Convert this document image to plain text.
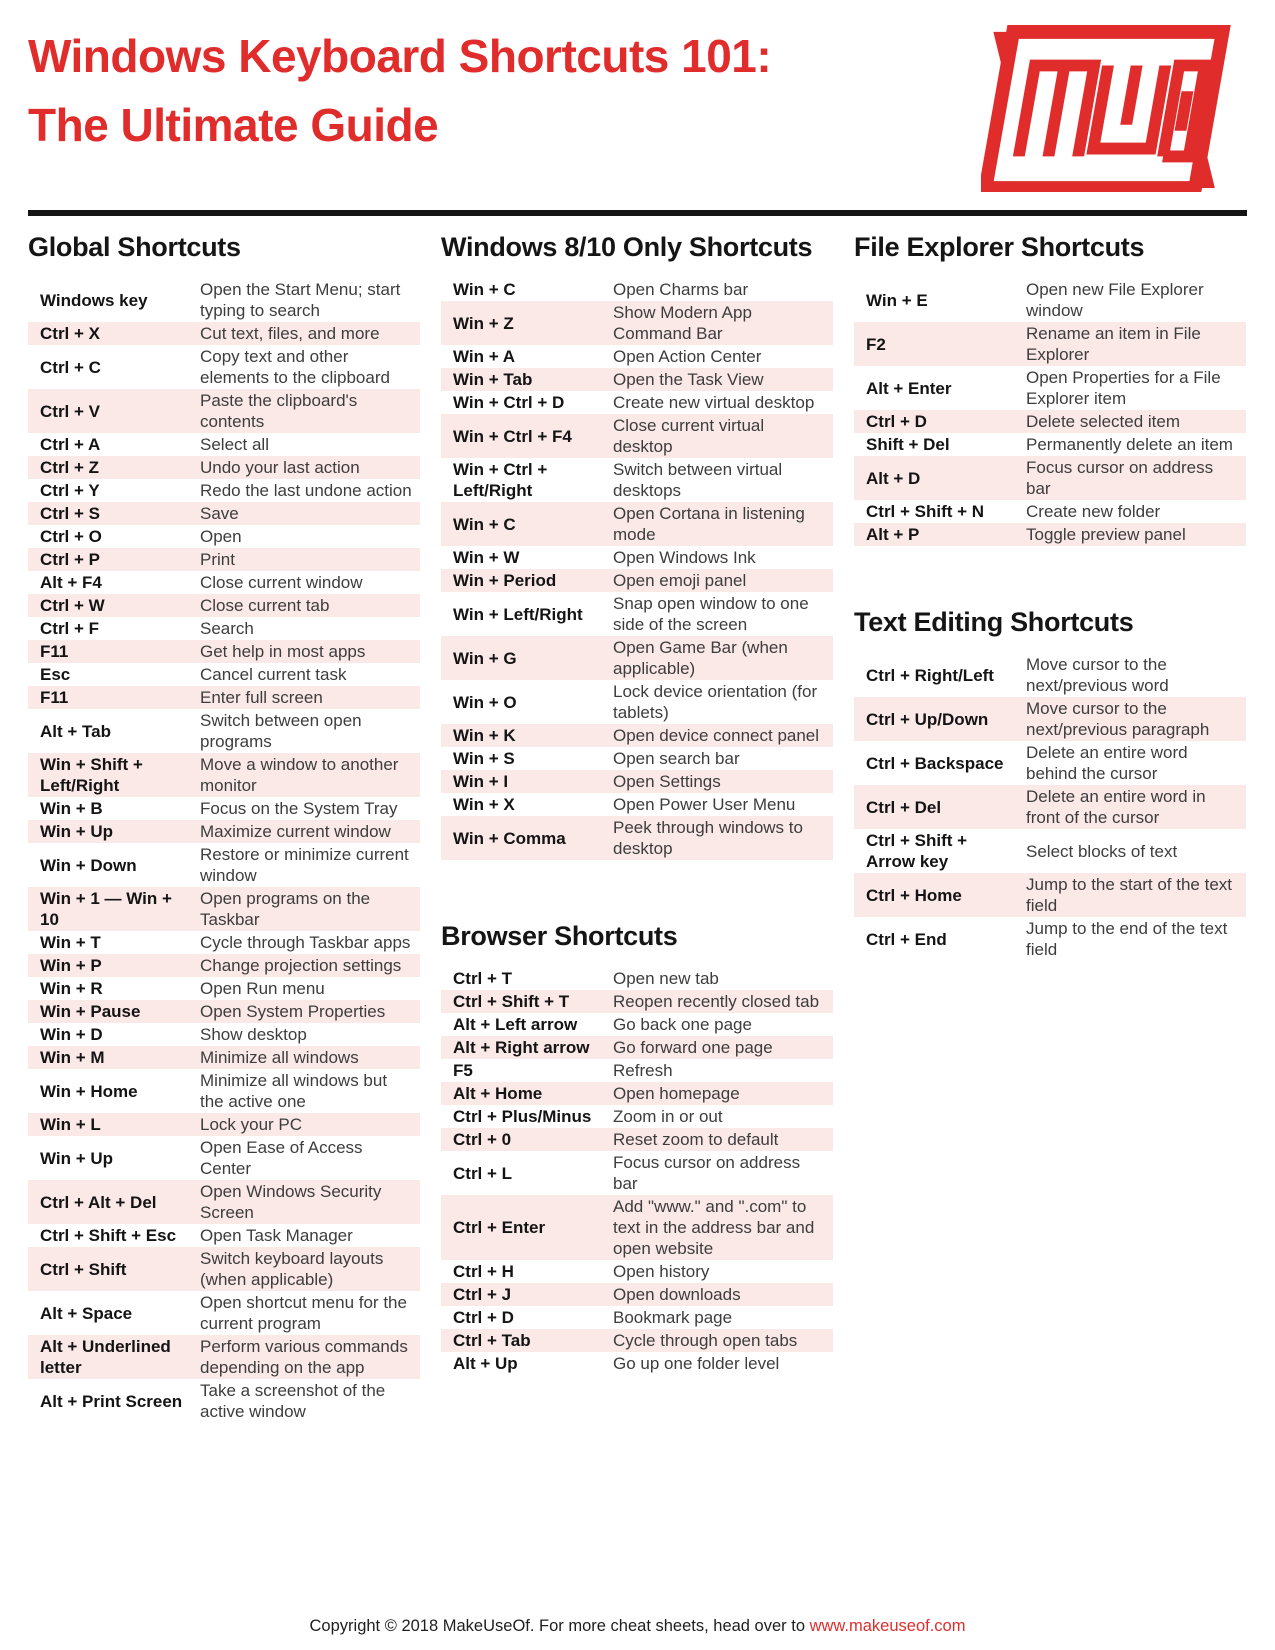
Windows Keyboard Shortcuts 101:
The Ultimate Guide
Global Shortcuts
Windows key	Open the Start Menu; start typing to search
Ctrl + X	Cut text, files, and more
Ctrl + C	Copy text and other elements to the clipboard
Ctrl + V	Paste the clipboard's contents
Ctrl + A	Select all
Ctrl + Z	Undo your last action
Ctrl + Y	Redo the last undone action
Ctrl + S	Save
Ctrl + O	Open
Ctrl + P	Print
Alt + F4	Close current window
Ctrl + W	Close current tab
Ctrl + F	Search
F11	Get help in most apps
Esc	Cancel current task
F11	Enter full screen
Alt + Tab	Switch between open programs
Win + Shift + Left/Right	Move a window to another monitor
Win + B	Focus on the System Tray
Win + Up	Maximize current window
Win + Down	Restore or minimize current window
Win + 1 — Win + 10	Open programs on the Taskbar
Win + T	Cycle through Taskbar apps
Win + P	Change projection settings
Win + R	Open Run menu
Win + Pause	Open System Properties
Win + D	Show desktop
Win + M	Minimize all windows
Win + Home	Minimize all windows but the active one
Win + L	Lock your PC
Win + Up	Open Ease of Access Center
Ctrl + Alt + Del	Open Windows Security Screen
Ctrl + Shift + Esc	Open Task Manager
Ctrl + Shift	Switch keyboard layouts (when applicable)
Alt + Space	Open shortcut menu for the current program
Alt + Underlined letter	Perform various commands depending on the app
Alt + Print Screen	Take a screenshot of the active window
Windows 8/10 Only Shortcuts
Win + C	Open Charms bar
Win + Z	Show Modern App Command Bar
Win + A	Open Action Center
Win + Tab	Open the Task View
Win + Ctrl + D	Create new virtual desktop
Win + Ctrl + F4	Close current virtual desktop
Win + Ctrl + Left/Right	Switch between virtual desktops
Win + C	Open Cortana in listening mode
Win + W	Open Windows Ink
Win + Period	Open emoji panel
Win + Left/Right	Snap open window to one side of the screen
Win + G	Open Game Bar (when applicable)
Win + O	Lock device orientation (for tablets)
Win + K	Open device connect panel
Win + S	Open search bar
Win + I	Open Settings
Win + X	Open Power User Menu
Win + Comma	Peek through windows to desktop
Browser Shortcuts
Ctrl + T	Open new tab
Ctrl + Shift + T	Reopen recently closed tab
Alt + Left arrow	Go back one page
Alt + Right arrow	Go forward one page
F5	Refresh
Alt + Home	Open homepage
Ctrl + Plus/Minus	Zoom in or out
Ctrl + 0	Reset zoom to default
Ctrl + L	Focus cursor on address bar
Ctrl + Enter	Add "www." and ".com" to text in the address bar and open website
Ctrl + H	Open history
Ctrl + J	Open downloads
Ctrl + D	Bookmark page
Ctrl + Tab	Cycle through open tabs
Alt + Up	Go up one folder level
File Explorer Shortcuts
Win + E	Open new File Explorer window
F2	Rename an item in File Explorer
Alt + Enter	Open Properties for a File Explorer item
Ctrl + D	Delete selected item
Shift + Del	Permanently delete an item
Alt + D	Focus cursor on address bar
Ctrl + Shift + N	Create new folder
Alt + P	Toggle preview panel
Text Editing Shortcuts
Ctrl + Right/Left	Move cursor to the next/previous word
Ctrl + Up/Down	Move cursor to the next/previous paragraph
Ctrl + Backspace	Delete an entire word behind the cursor
Ctrl + Del	Delete an entire word in front of the cursor
Ctrl + Shift + Arrow key	Select blocks of text
Ctrl + Home	Jump to the start of the text field
Ctrl + End	Jump to the end of the text field
Copyright © 2018 MakeUseOf. For more cheat sheets, head over to www.makeuseof.com
